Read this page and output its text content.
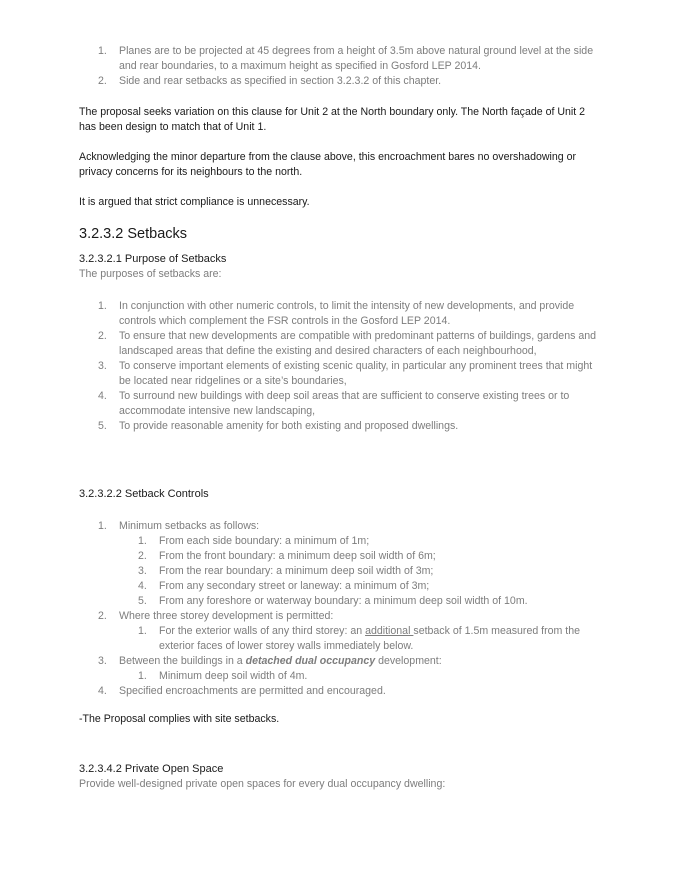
1. Planes are to be projected at 45 degrees from a height of 3.5m above natural ground level at the side and rear boundaries, to a maximum height as specified in Gosford LEP 2014.
2. Side and rear setbacks as specified in section 3.2.3.2 of this chapter.

The proposal seeks variation on this clause for Unit 2 at the North boundary only. The North façade of Unit 2 has been design to match that of Unit 1.

Acknowledging the minor departure from the clause above, this encroachment bares no overshadowing or privacy concerns for its neighbours to the north.

It is argued that strict compliance is unnecessary.

3.2.3.2 Setbacks
3.2.3.2.1 Purpose of Setbacks

The purposes of setbacks are:

1. In conjunction with other numeric controls, to limit the intensity of new developments, and provide controls which complement the FSR controls in the Gosford LEP 2014.
2. To ensure that new developments are compatible with predominant patterns of buildings, gardens and landscaped areas that define the existing and desired characters of each neighbourhood,
3. To conserve important elements of existing scenic quality, in particular any prominent trees that might be located near ridgelines or a site’s boundaries,
4. To surround new buildings with deep soil areas that are sufficient to conserve existing trees or to accommodate intensive new landscaping,
5. To provide reasonable amenity for both existing and proposed dwellings.
3.2.3.2.2 Setback Controls
1. Minimum setbacks as follows:
1. From each side boundary: a minimum of 1m;
2. From the front boundary: a minimum deep soil width of 6m;
3. From the rear boundary: a minimum deep soil width of 3m;
4. From any secondary street or laneway: a minimum of 3m;
5. From any foreshore or waterway boundary: a minimum deep soil width of 10m.
2. Where three storey development is permitted:
1. For the exterior walls of any third storey: an additional setback of 1.5m measured from the exterior faces of lower storey walls immediately below.
3. Between the buildings in a detached dual occupancy development:
1. Minimum deep soil width of 4m.
4. Specified encroachments are permitted and encouraged.

-The Proposal complies with site setbacks.

3.2.3.4.2 Private Open Space

Provide well-designed private open spaces for every dual occupancy dwelling:
